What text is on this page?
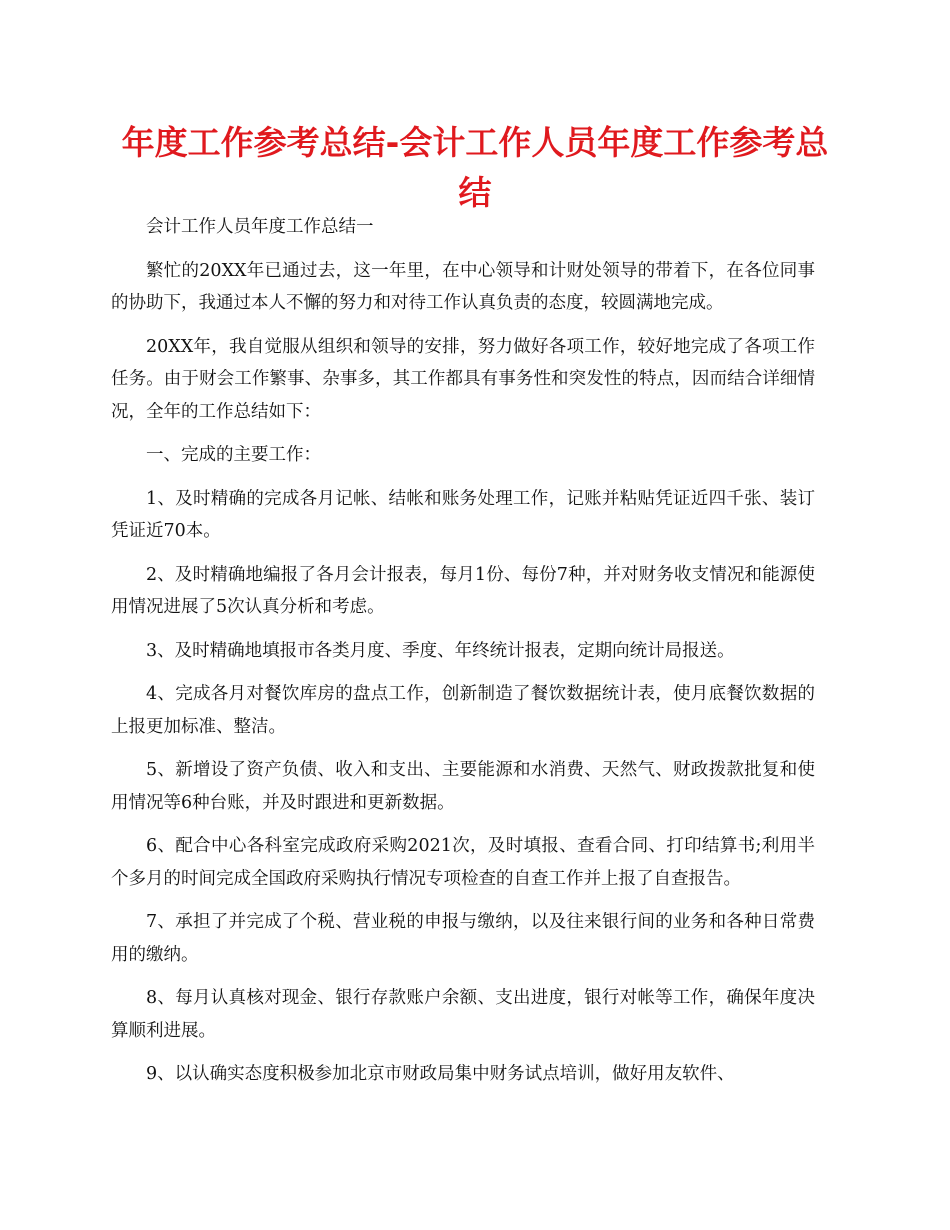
年度工作参考总结-会计工作人员年度工作参考总结

会计工作人员年度工作总结一

繁忙的20XX年已通过去，这一年里，在中心领导和计财处领导的带着下，在各位同事的协助下，我通过本人不懈的努力和对待工作认真负责的态度，较圆满地完成。

20XX年，我自觉服从组织和领导的安排，努力做好各项工作，较好地完成了各项工作任务。由于财会工作繁事、杂事多，其工作都具有事务性和突发性的特点，因而结合详细情况，全年的工作总结如下：

一、完成的主要工作：

1、及时精确的完成各月记帐、结帐和账务处理工作，记账并粘贴凭证近四千张、装订凭证近70本。

2、及时精确地编报了各月会计报表，每月1份、每份7种，并对财务收支情况和能源使用情况进展了5次认真分析和考虑。

3、及时精确地填报市各类月度、季度、年终统计报表，定期向统计局报送。

4、完成各月对餐饮库房的盘点工作，创新制造了餐饮数据统计表，使月底餐饮数据的上报更加标准、整洁。

5、新增设了资产负债、收入和支出、主要能源和水消费、天然气、财政拨款批复和使用情况等6种台账，并及时跟进和更新数据。

6、配合中心各科室完成政府采购2021次，及时填报、查看合同、打印结算书;利用半个多月的时间完成全国政府采购执行情况专项检查的自查工作并上报了自查报告。

7、承担了并完成了个税、营业税的申报与缴纳，以及往来银行间的业务和各种日常费用的缴纳。

8、每月认真核对现金、银行存款账户余额、支出进度，银行对帐等工作，确保年度决算顺利进展。

9、以认确实态度积极参加北京市财政局集中财务试点培训，做好用友软件、
